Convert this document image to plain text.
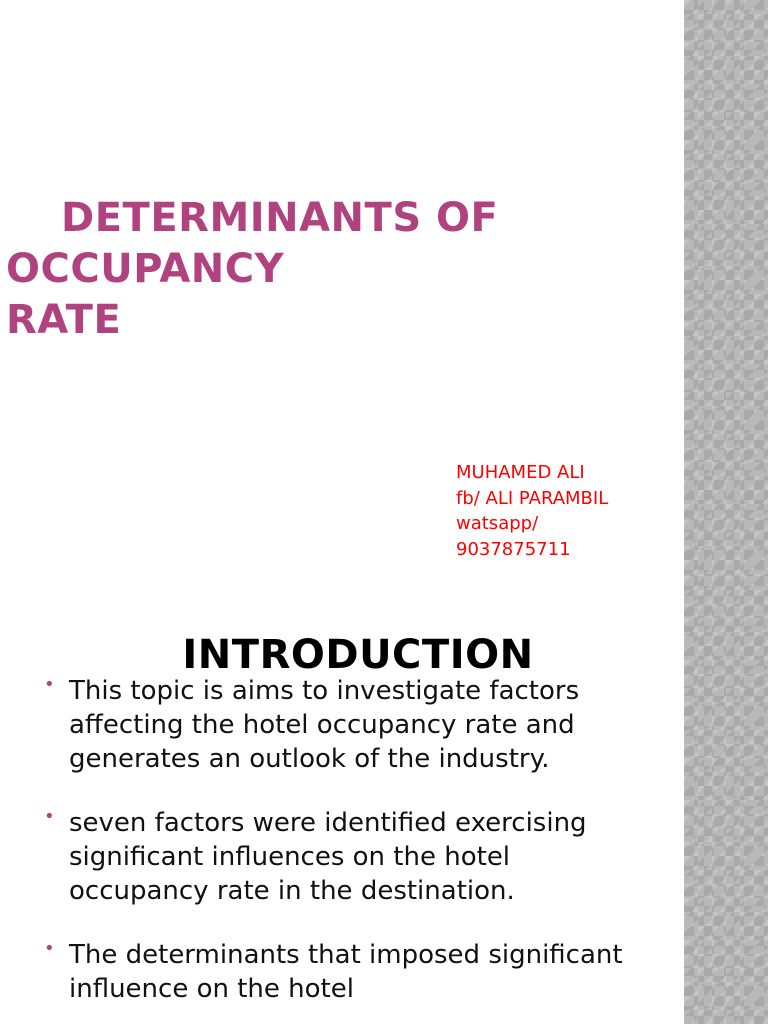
DETERMINANTS OF
OCCUPANCY
RATE
MUHAMED ALI
fb/ ALI PARAMBIL
watsapp/
9037875711
INTRODUCTION
• This topic is aims to investigate factors affecting the hotel occupancy rate and generates an outlook of the industry.
• seven factors were identified exercising significant influences on the hotel occupancy rate in the destination.
• The determinants that imposed significant influence on the hotel
